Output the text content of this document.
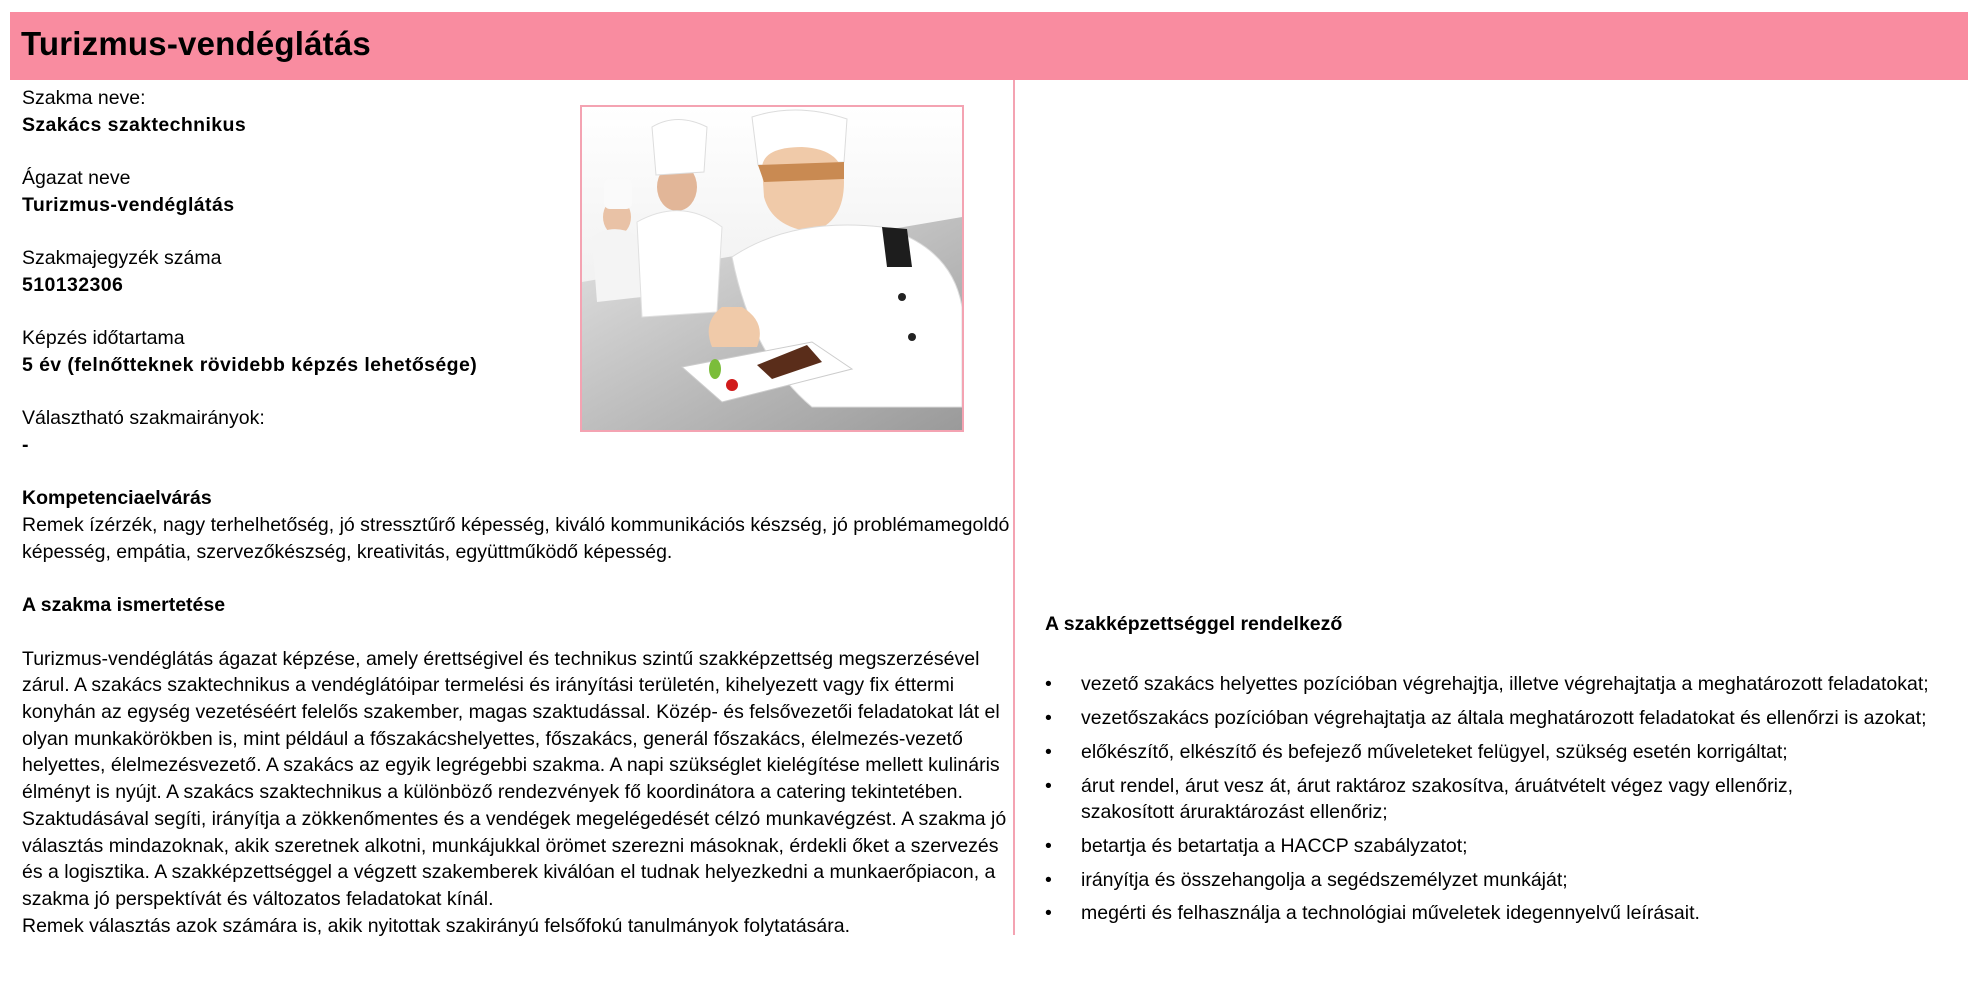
Turizmus-vendéglátás
Szakma neve:
Szakács szaktechnikus
Ágazat neve
Turizmus-vendéglátás
Szakmajegyzék száma
510132306
Képzés időtartama
5 év (felnőtteknek rövidebb képzés lehetősége)
Választható szakmairányok:
-
Kompetenciaelvárás

Remek ízérzék, nagy terhelhetőség, jó stressztűrő képesség, kiváló kommunikációs készség, jó problémamegoldó képesség, empátia, szervezőkészség, kreativitás, együttműködő képesség.

A szakma ismertetése

Turizmus-vendéglátás ágazat képzése, amely érettségivel és technikus szintű szakképzettség megszerzésével zárul. A szakács szaktechnikus a vendéglátóipar termelési és irányítási területén, kihelyezett vagy fix éttermi konyhán az egység vezetéséért felelős szakember, magas szaktudással. Közép- és felsővezetői feladatokat lát el olyan munkakörökben is, mint például a főszakácshelyettes, főszakács, generál főszakács, élelmezés-vezető helyettes, élelmezésvezető. A szakács az egyik legrégebbi szakma. A napi szükséglet kielégítése mellett kulináris élményt is nyújt. A szakács szaktechnikus a különböző rendezvények fő koordinátora a catering tekintetében. Szaktudásával segíti, irányítja a zökkenőmentes és a vendégek megelégedését célzó munkavégzést. A szakma jó választás mindazoknak, akik szeretnek alkotni, munkájukkal örömet szerezni másoknak, érdekli őket a szervezés és a logisztika. A szakképzettséggel a végzett szakemberek kiválóan el tudnak helyezkedni a munkaerőpiacon, a szakma jó perspektívát és változatos feladatokat kínál.

Remek választás azok számára is, akik nyitottak szakirányú felsőfokú tanulmányok folytatására.

A szakképzettséggel rendelkező
• vezető szakács helyettes pozícióban végrehajtja, illetve végrehajtatja a meghatározott feladatokat;
• vezetőszakács pozícióban végrehajtatja az általa meghatározott feladatokat és ellenőrzi is azokat;
• előkészítő, elkészítő és befejező műveleteket felügyel, szükség esetén korrigáltat;
• árut rendel, árut vesz át, árut raktároz szakosítva, áruátvételt végez vagy ellenőriz, szakosított áruraktározást ellenőriz;
• betartja és betartatja a HACCP szabályzatot;
• irányítja és összehangolja a segédszemélyzet munkáját;
• megérti és felhasználja a technológiai műveletek idegennyelvű leírásait.
